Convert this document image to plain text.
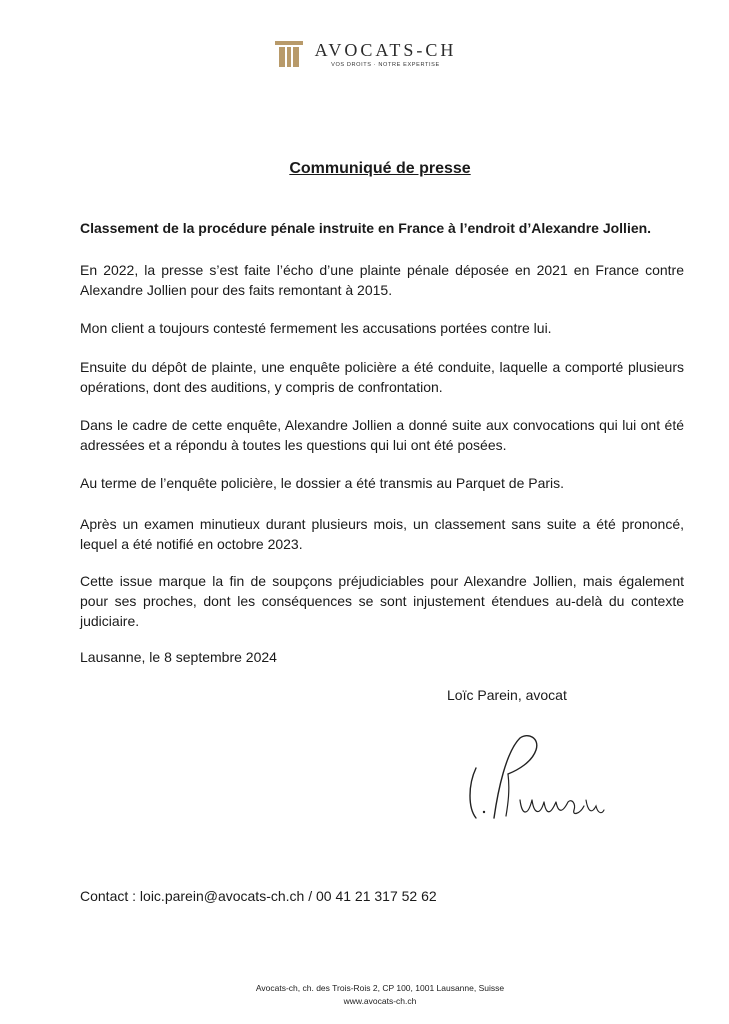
AVOCATS-CH
VOS DROITS · NOTRE EXPERTISE
Communiqué de presse
Classement de la procédure pénale instruite en France à l’endroit d’Alexandre Jollien.
En 2022, la presse s’est faite l’écho d’une plainte pénale déposée en 2021 en France contre Alexandre Jollien pour des faits remontant à 2015.
Mon client a toujours contesté fermement les accusations portées contre lui.
Ensuite du dépôt de plainte, une enquête policière a été conduite, laquelle a comporté plusieurs opérations, dont des auditions, y compris de confrontation.
Dans le cadre de cette enquête, Alexandre Jollien a donné suite aux convocations qui lui ont été adressées et a répondu à toutes les questions qui lui ont été posées.
Au terme de l’enquête policière, le dossier a été transmis au Parquet de Paris.
Après un examen minutieux durant plusieurs mois, un classement sans suite a été prononcé, lequel a été notifié en octobre 2023.
Cette issue marque la fin de soupçons préjudiciables pour Alexandre Jollien, mais également pour ses proches, dont les conséquences se sont injustement étendues au-delà du contexte judiciaire.
Lausanne, le 8 septembre 2024
Loïc Parein, avocat
Contact : loic.parein@avocats-ch.ch / 00 41 21 317 52 62
Avocats-ch, ch. des Trois-Rois 2, CP 100, 1001 Lausanne, Suisse
www.avocats-ch.ch
